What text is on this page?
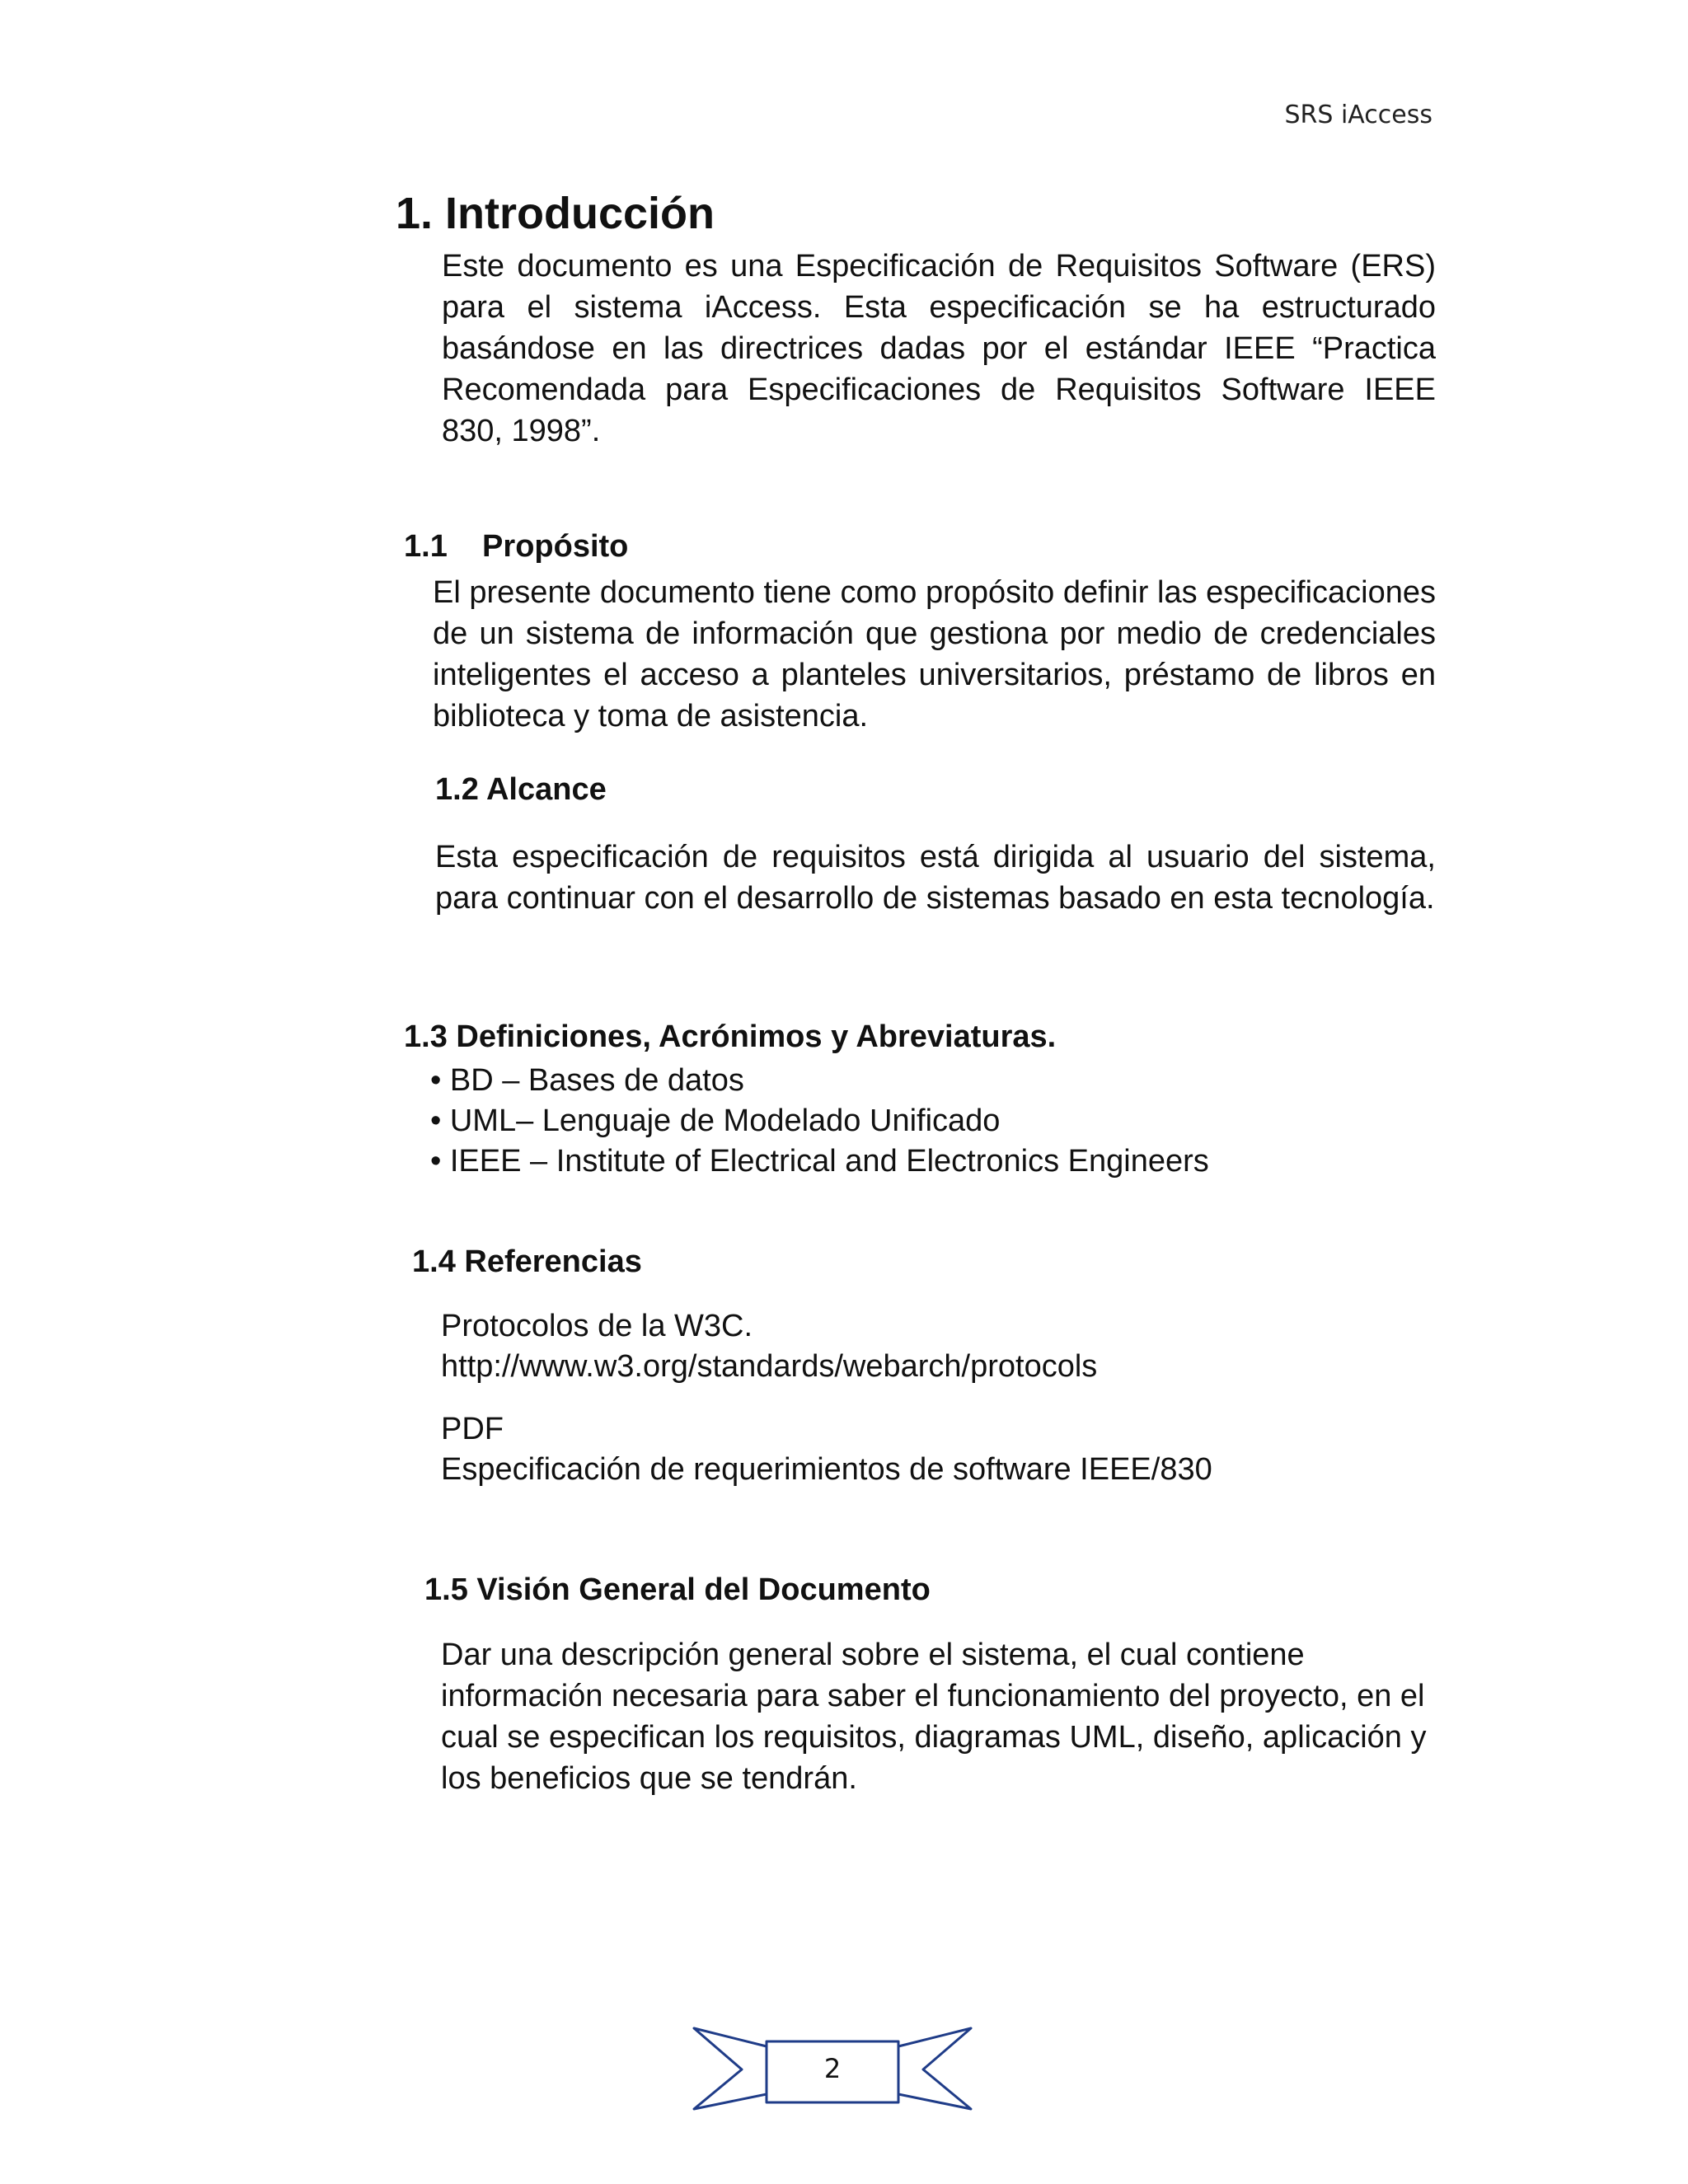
SRS iAccess
1. Introducción

Este documento es una Especificación de Requisitos Software (ERS) para el sistema iAccess. Esta especificación se ha estructurado basándose en las directrices dadas por el estándar IEEE “Practica Recomendada para Especificaciones de Requisitos Software IEEE 830, 1998”.

1.1    Propósito

El presente documento tiene como propósito definir las especificaciones de un sistema de información que gestiona por medio de credenciales inteligentes el acceso a planteles universitarios, préstamo de libros en biblioteca y toma de asistencia.

1.2 Alcance

Esta especificación de requisitos está dirigida al usuario del sistema, para continuar con el desarrollo de sistemas basado en esta tecnología.

1.3 Definiciones, Acrónimos y Abreviaturas.
• BD – Bases de datos
• UML– Lenguaje de Modelado Unificado
• IEEE – Institute of Electrical and Electronics Engineers
1.4 Referencias
Protocolos de la W3C.
http://www.w3.org/standards/webarch/protocols
PDF
Especificación de requerimientos de software IEEE/830
1.5 Visión General del Documento

Dar una descripción general sobre el sistema, el cual contiene información necesaria para saber el funcionamiento del proyecto, en el cual se especifican los requisitos, diagramas UML, diseño, aplicación y los beneficios que se tendrán.

2
